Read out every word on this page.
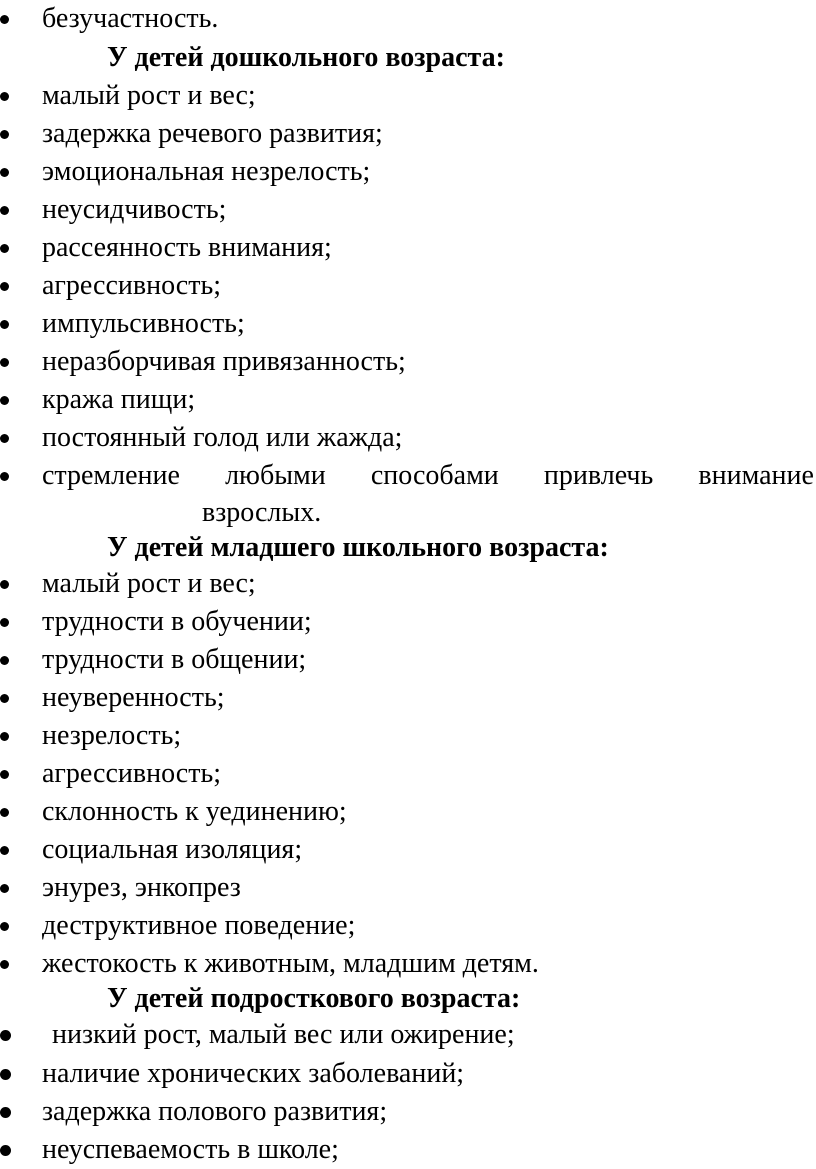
безучастность.
У детей дошкольного возраста:
малый рост и вес;
задержка речевого развития;
эмоциональная незрелость;
неусидчивость;
рассеянность внимания;
агрессивность;
импульсивность;
неразборчивая привязанность;
кража пищи;
постоянный голод или жажда;
стремление любыми способами привлечь внимание
взрослых.
У детей младшего школьного возраста:
малый рост и вес;
трудности в обучении;
трудности в общении;
неуверенность;
незрелость;
агрессивность;
склонность к уединению;
социальная изоляция;
энурез, энкопрез
деструктивное поведение;
жестокость к животным, младшим детям.
У детей подросткового возраста:
низкий рост, малый вес или ожирение;
наличие хронических заболеваний;
задержка полового развития;
неуспеваемость в школе;
